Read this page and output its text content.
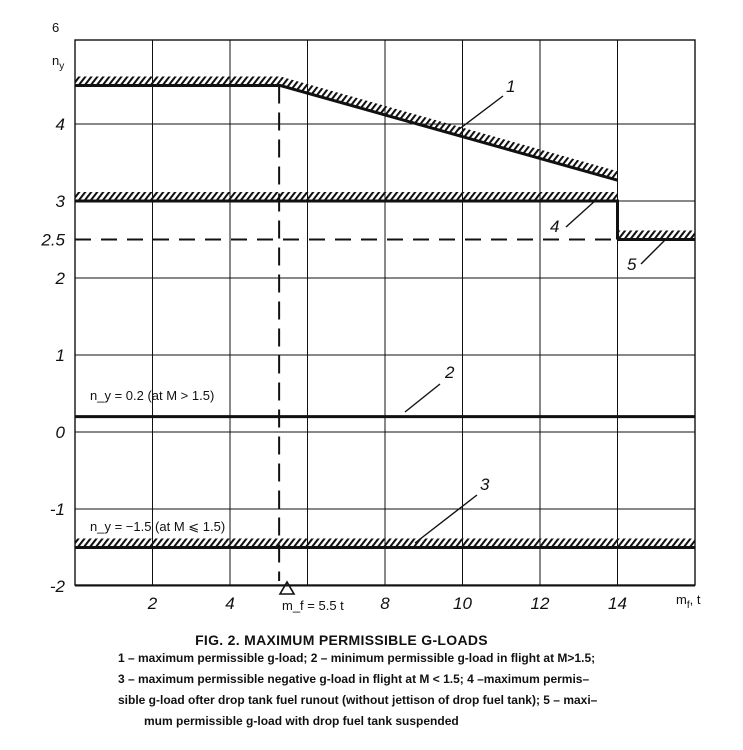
2	4	8	10	12	14
-2
-1
0
1
2
2.5
3
4
6
$n_y$
$m_f$, t
n_y = 0.2 (at M > 1.5)
n_y = −1.5 (at M ⩽ 1.5)
m_f = 5.5 t
1
2
3
4
5
FIG. 2. MAXIMUM PERMISSIBLE G-LOADS
1 – maximum permissible g-load; 2 – minimum permissible g-load in flight at M>1.5;
3 – maximum permissible negative g-load in flight at M < 1.5; 4 –maximum permis–
sible g-load ofter drop tank fuel runout (without jettison of drop fuel tank); 5 – maxi–
mum permissible g-load with drop fuel tank suspended
